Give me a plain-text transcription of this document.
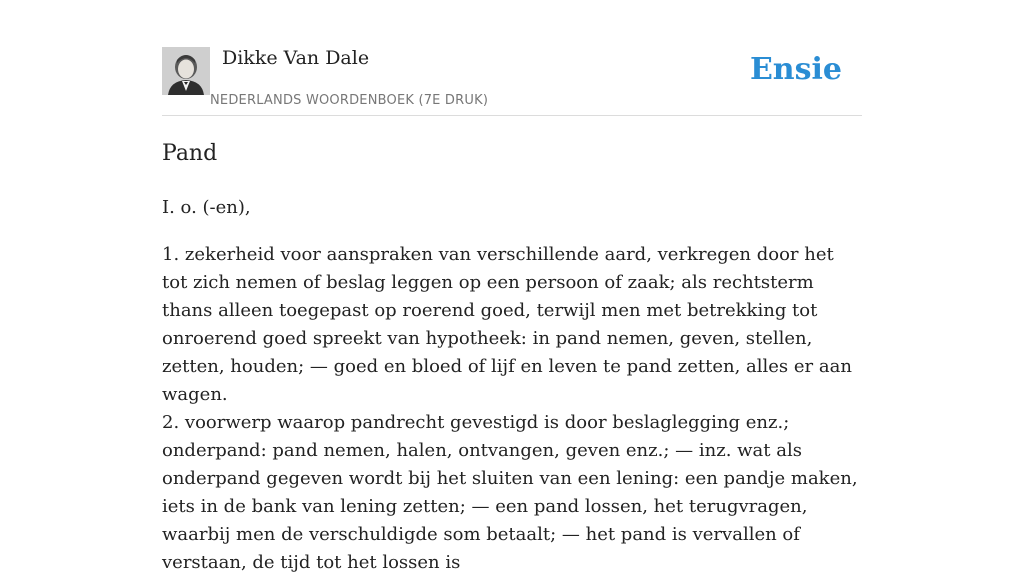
Dikke Van Dale
NEDERLANDS WOORDENBOEK (7E DRUK)
Ensie
Pand

I. o. (-en),

1. zekerheid voor aanspraken van verschillende aard, verkregen door het tot zich nemen of beslag leggen op een persoon of zaak; als rechtsterm thans alleen toegepast op roerend goed, terwijl men met betrekking tot onroerend goed spreekt van hypotheek: in pand nemen, geven, stellen, zetten, houden; — goed en bloed of lijf en leven te pand zetten, alles er aan wagen.

2. voorwerp waarop pandrecht gevestigd is door beslaglegging enz.; onderpand: pand nemen, halen, ontvangen, geven enz.; — inz. wat als onderpand gegeven wordt bij het sluiten van een lening: een pandje maken, iets in de bank van lening zetten; — een pand lossen, het terugvragen, waarbij men de verschuldigde som betaalt; — het pand is vervallen of verstaan, de tijd tot het lossen is
